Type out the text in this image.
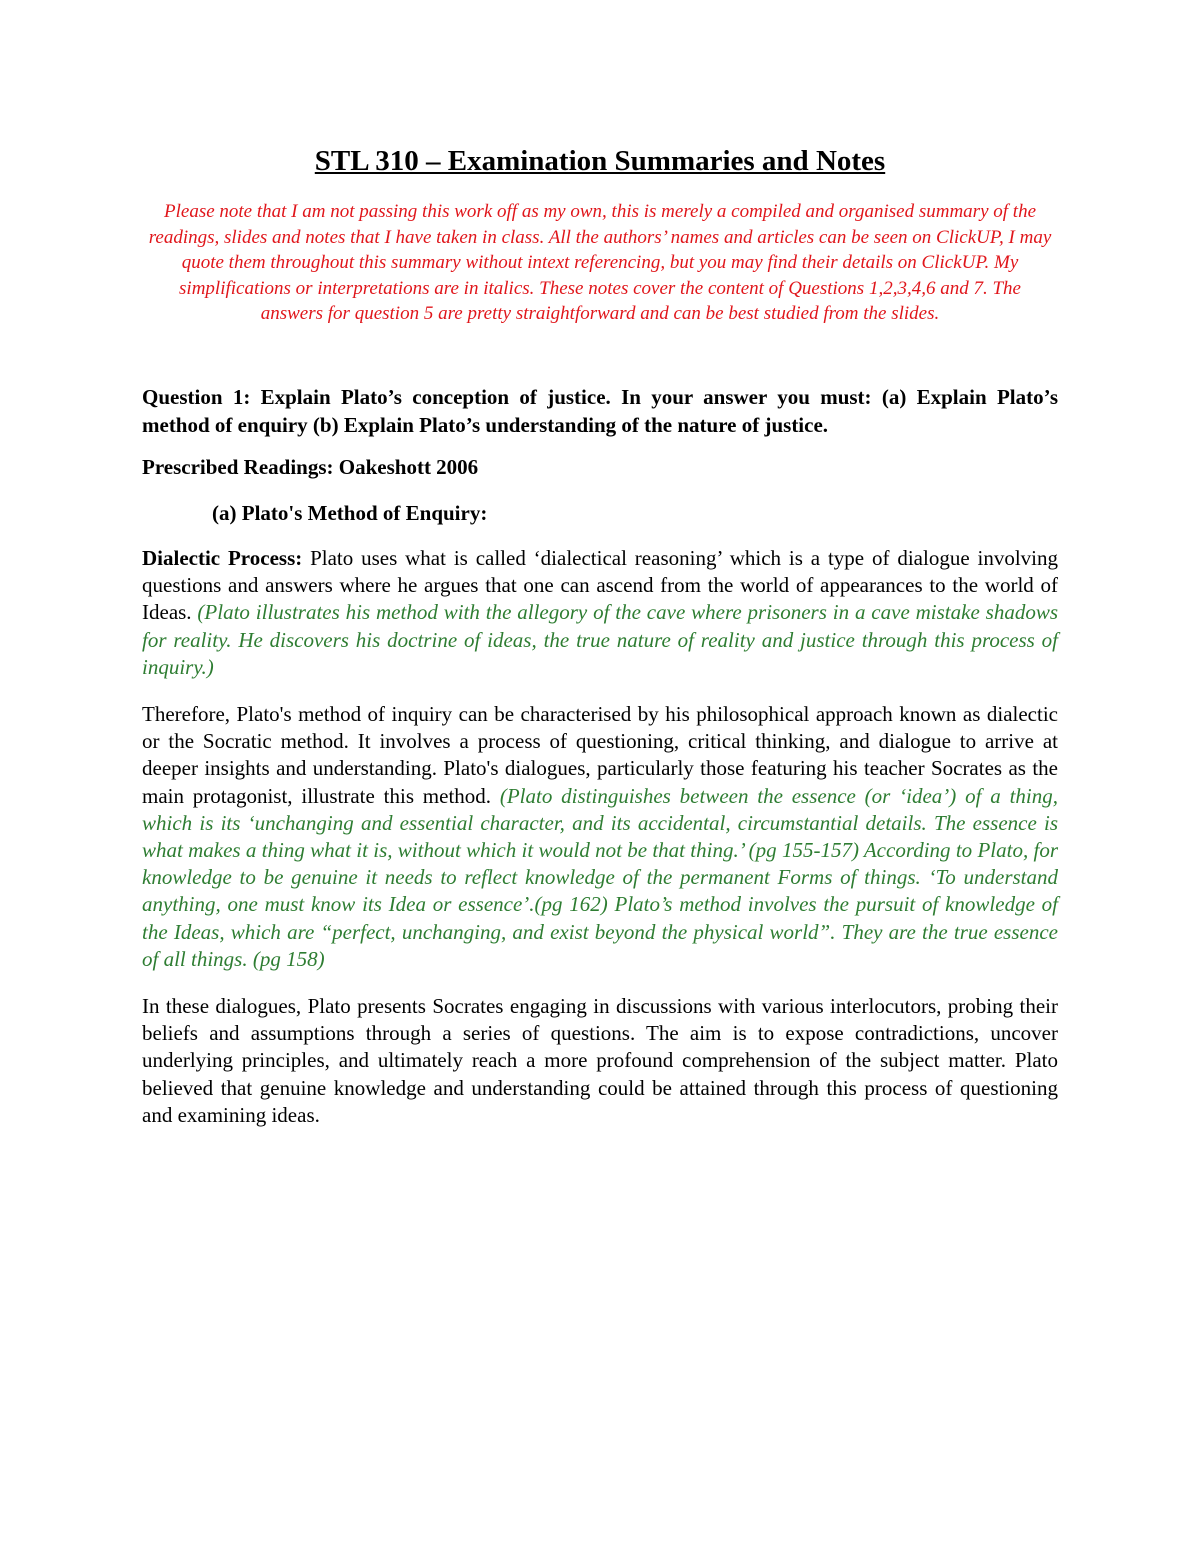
STL 310 – Examination Summaries and Notes
Please note that I am not passing this work off as my own, this is merely a compiled and organised summary of the readings, slides and notes that I have taken in class. All the authors’ names and articles can be seen on ClickUP, I may quote them throughout this summary without intext referencing, but you may find their details on ClickUP. My simplifications or interpretations are in italics. These notes cover the content of Questions 1,2,3,4,6 and 7. The answers for question 5 are pretty straightforward and can be best studied from the slides.
Question 1: Explain Plato’s conception of justice. In your answer you must: (a) Explain Plato’s method of enquiry (b) Explain Plato’s understanding of the nature of justice.
Prescribed Readings: Oakeshott 2006
(a) Plato's Method of Enquiry:
Dialectic Process: Plato uses what is called ‘dialectical reasoning’ which is a type of dialogue involving questions and answers where he argues that one can ascend from the world of appearances to the world of Ideas. (Plato illustrates his method with the allegory of the cave where prisoners in a cave mistake shadows for reality. He discovers his doctrine of ideas, the true nature of reality and justice through this process of inquiry.)
Therefore, Plato's method of inquiry can be characterised by his philosophical approach known as dialectic or the Socratic method. It involves a process of questioning, critical thinking, and dialogue to arrive at deeper insights and understanding. Plato's dialogues, particularly those featuring his teacher Socrates as the main protagonist, illustrate this method. (Plato distinguishes between the essence (or ‘idea’) of a thing, which is its ‘unchanging and essential character, and its accidental, circumstantial details. The essence is what makes a thing what it is, without which it would not be that thing.’ (pg 155-157) According to Plato, for knowledge to be genuine it needs to reflect knowledge of the permanent Forms of things. ‘To understand anything, one must know its Idea or essence’.(pg 162) Plato’s method involves the pursuit of knowledge of the Ideas, which are “perfect, unchanging, and exist beyond the physical world”. They are the true essence of all things. (pg 158)
In these dialogues, Plato presents Socrates engaging in discussions with various interlocutors, probing their beliefs and assumptions through a series of questions. The aim is to expose contradictions, uncover underlying principles, and ultimately reach a more profound comprehension of the subject matter. Plato believed that genuine knowledge and understanding could be attained through this process of questioning and examining ideas.
